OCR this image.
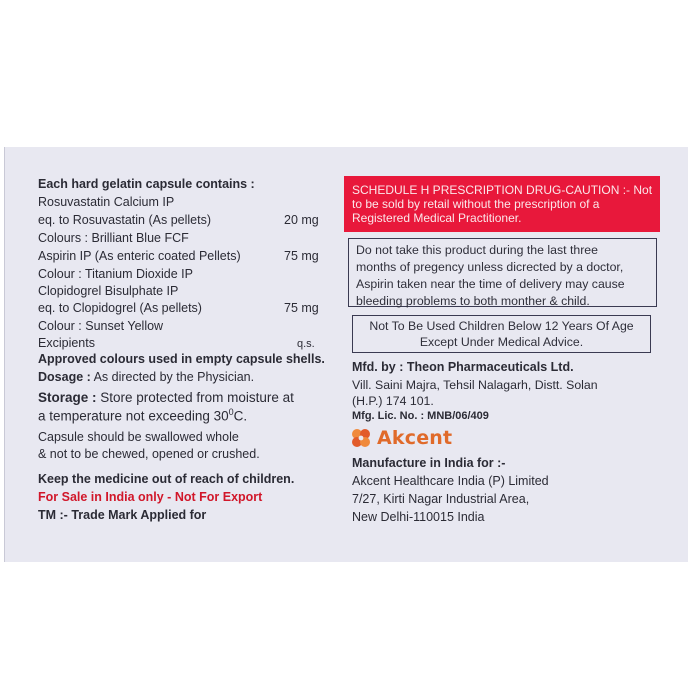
Each hard gelatin capsule contains :
Rosuvastatin Calcium IP
eq. to Rosuvastatin (As pellets)	20 mg
Colours : Brilliant Blue FCF
Aspirin IP (As enteric coated Pellets)	75 mg
Colour : Titanium Dioxide IP
Clopidogrel Bisulphate IP
eq. to Clopidogrel (As pellets)	75 mg
Colour : Sunset Yellow
Excipients	q.s.
Approved colours used in empty capsule shells.
Dosage : As directed by the Physician.
Storage : Store protected from moisture at
a temperature not exceeding $30^0C$.
Capsule should be swallowed whole
& not to be chewed, opened or crushed.
Keep the medicine out of reach of children.
For Sale in India only - Not For Export
TM :- Trade Mark Applied for
SCHEDULE H PRESCRIPTION DRUG-CAUTION :- Not
to be sold by retail without the prescription of a
Registered Medical Practitioner.
Do not take this product during the last three
months of pregency unless dicrected by a doctor,
Aspirin taken near the time of delivery may cause
bleeding problems to both monther & child.
Not To Be Used Children Below 12 Years Of Age
Except Under Medical Advice.
Mfd. by : Theon Pharmaceuticals Ltd.
Vill. Saini Majra, Tehsil Nalagarh, Distt. Solan
(H.P.) 174 101.
Mfg. Lic. No. : MNB/06/409
Akcent
Manufacture in India for :-
Akcent Healthcare India (P) Limited
7/27, Kirti Nagar Industrial Area,
New Delhi-110015 India
